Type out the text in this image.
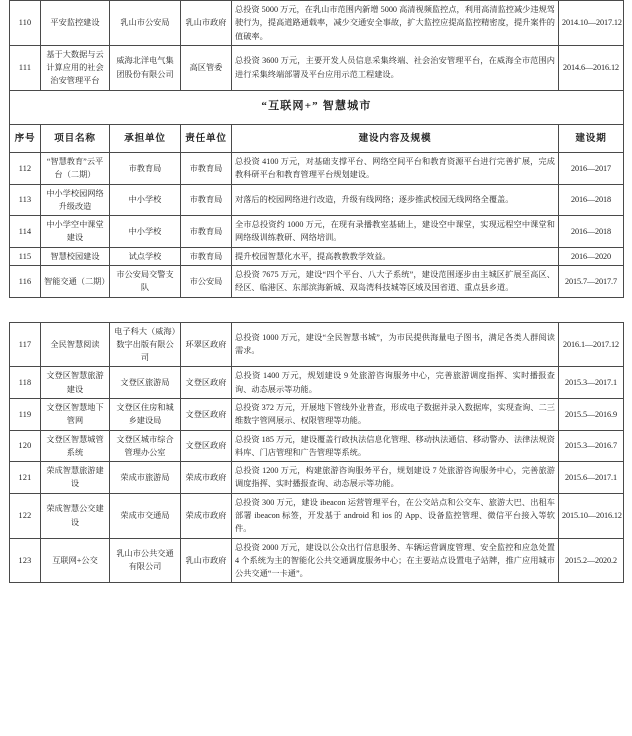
110	平安监控建设	乳山市公安局	乳山市政府	总投资 5000 万元，在乳山市范围内新增 5000 高清视频监控点，利用高清监控减少违规驾驶行为，提高道路通载率，减少交通安全事故，扩大监控应提高监控精密度，提升案件的值破率。	2014.10—2017.12
111	基于大数据与云计算应用的社会治安管理平台	威海北洋电气集团股份有限公司	高区管委	总投资 3600 万元，主要开发人员信息采集终端、社会治安管理平台，在威海全市范围内进行采集终端部署及平台应用示范工程建设。	2014.6—2016.12
“互联网+” 智慧城市					
序号	项目名称	承担单位	责任单位	建设内容及规模	建设期
112	“智慧教育”云平台（二期）	市教育局	市教育局	总投资 4100 万元，对基础支撑平台、网络空间平台和教育资源平台进行完善扩展，完成教科研平台和教育管理平台规划建设。	2016—2017
113	中小学校园网络升级改造	中小学校	市教育局	对落后的校园网络进行改造，升级有线网络；逐步推武校园无线网络全覆盖。	2016—2018
114	中小学空中课堂建设	中小学校	市教育局	全市总投资约 1000 万元，在现有录播教室基础上，建设空中课堂，实现远程空中课堂和网络级训练教研、网络培训。	2016—2018
115	智慧校园建设	试点学校	市教育局	提升校园智慧化水平，提高教教教学效益。	2016—2020
116	智能交通（二期）	市公安局交警支队	市公安局	总投资 7675 万元，建设“四个平台、八大子系统”，建设范围逐步由主城区扩展至高区、经区、临港区、东部滨海新城、双岛湾科技城等区域及国省道、重点县乡道。	2015.7—2017.7
117	全民智慧阅读	电子科大（威海）数字出版有限公司	环翠区政府	总投资 1000 万元，建设“全民智慧书城”，为市民提供海量电子图书，满足各类人群阅读需求。	2016.1—2017.12
118	文登区智慧旅游建设	文登区旅游局	文登区政府	总投资 1400 万元，规划建设 9 处旅游咨询服务中心，完善旅游调度指挥、实时播报查询、动态展示等功能。	2015.3—2017.1
119	文登区智慧地下管网	文登区住房和城乡建设局	文登区政府	总投资 372 万元，开展地下管线外业普查，形成电子数据并录入数据库，实现查询、二三维数字管网展示、权限管理等功能。	2015.5—2016.9
120	文登区智慧城管系统	文登区城市综合管理办公室	文登区政府	总投资 185 万元，建设覆盖行政执法信息化管理、移动执法通信、移动警办、法律法规资料库、门店管理和广告管理等系统。	2015.3—2016.7
121	荣成智慧旅游建设	荣成市旅游局	荣成市政府	总投资 1200 万元，构建旅游咨询服务平台，规划建设 7 处旅游咨询服务中心，完善旅游调度指挥、实时播报查询、动态展示等功能。	2015.6—2017.1
122	荣成智慧公交建设	荣成市交通局	荣成市政府	总投资 300 万元，建设 ibeacon 运营管理平台，在公交站点和公交车、旅游大巴、出租车部署 ibeacon 标签，开发基于 android 和 ios 的 App、设备监控管理、微信平台接入等软件。	2015.10—2016.12
123	互联网+公交	乳山市公共交通有限公司	乳山市政府	总投资 2000 万元，建设以公众出行信息服务、车辆运营调度管理、安全监控和应急处置 4 个系统为主的智能化公共交通调度服务中心；在主要站点设置电子站牌，推广应用城市公共交通“一卡通”。	2015.2—2020.2
